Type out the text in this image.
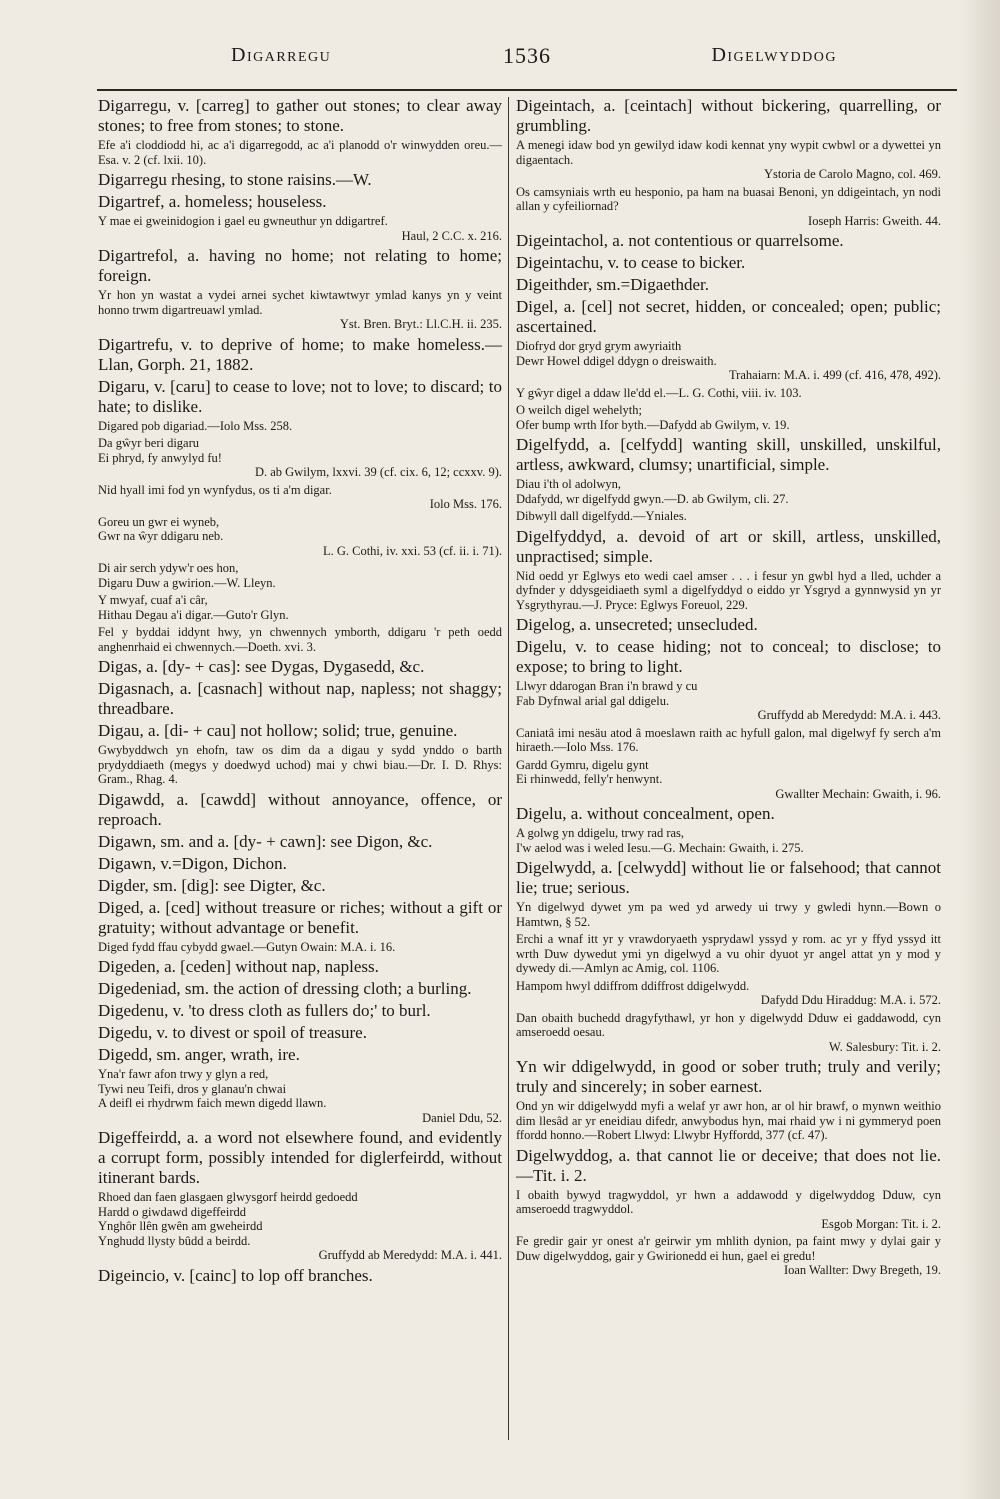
Digarregu	1536	Digelwyddog
Digarregu, v. [carreg] to gather out stones; to clear away stones; to free from stones; to stone.
Efe a'i cloddiodd hi, ac a'i digarregodd, ac a'i planodd o'r winwydden oreu.—Esa. v. 2 (cf. lxii. 10).
Digarregu rhesing, to stone raisins.—W.
Digartref, a. homeless; houseless.
Y mae ei gweinidogion i gael eu gwneuthur yn ddigartref.
Haul, 2 C.C. x. 216.
Digartrefol, a. having no home; not relating to home; foreign.
Yr hon yn wastat a vydei arnei sychet kiwtawtwyr ymlad kanys yn y veint honno trwm digartreuawl ymlad.
Yst. Bren. Bryt.: Ll.C.H. ii. 235.
Digartrefu, v. to deprive of home; to make homeless.—Llan, Gorph. 21, 1882.
Digaru, v. [caru] to cease to love; not to love; to discard; to hate; to dislike.
Digared pob digariad.—Iolo Mss. 258.
Da gŵyr beri digaru
Ei phryd, fy anwylyd fu!
D. ab Gwilym, lxxvi. 39 (cf. cix. 6, 12; ccxxv. 9).
Nid hyall imi fod yn wynfydus, os ti a'm digar.
Iolo Mss. 176.
Goreu un gwr ei wyneb,
Gwr na ŵyr ddigaru neb.
L. G. Cothi, iv. xxi. 53 (cf. ii. i. 71).
Di air serch ydyw'r oes hon,
Digaru Duw a gwirion.—W. Lleyn.
Y mwyaf, cuaf a'i câr,
Hithau Degau a'i digar.—Guto'r Glyn.
Fel y byddai iddynt hwy, yn chwennych ymborth, ddigaru 'r peth oedd anghenrhaid ei chwennych.—Doeth. xvi. 3.
Digas, a. [dy- + cas]: see Dygas, Dygasedd, &c.
Digasnach, a. [casnach] without nap, napless; not shaggy; threadbare.
Digau, a. [di- + cau] not hollow; solid; true, genuine.
Gwybyddwch yn ehofn, taw os dim da a digau y sydd ynddo o barth prydyddiaeth (megys y doedwyd uchod) mai y chwi biau.—Dr. I. D. Rhys: Gram., Rhag. 4.
Digawdd, a. [cawdd] without annoyance, offence, or reproach.
Digawn, sm. and a. [dy- + cawn]: see Digon, &c.
Digawn, v.=Digon, Dichon.
Digder, sm. [dig]: see Digter, &c.
Diged, a. [ced] without treasure or riches; without a gift or gratuity; without advantage or benefit.
Diged fydd ffau cybydd gwael.—Gutyn Owain: M.A. i. 16.
Digeden, a. [ceden] without nap, napless.
Digedeniad, sm. the action of dressing cloth; a burling.
Digedenu, v. 'to dress cloth as fullers do;' to burl.
Digedu, v. to divest or spoil of treasure.
Digedd, sm. anger, wrath, ire.
Yna'r fawr afon trwy y glyn a red,
Tywi neu Teifi, dros y glanau'n chwai
A deifl ei rhydrwm faich mewn digedd llawn.
Daniel Ddu, 52.
Digeffeirdd, a. a word not elsewhere found, and evidently a corrupt form, possibly intended for diglerfeirdd, without itinerant bards.
Rhoed dan faen glasgaen glwysgorf heirdd gedoedd
Hardd o giwdawd digeffeirdd
Ynghôr llên gwên am gweheirdd
Ynghudd llysty bûdd a beirdd.
Gruffydd ab Meredydd: M.A. i. 441.
Digeincio, v. [cainc] to lop off branches.
Digeintach, a. [ceintach] without bickering, quarrelling, or grumbling.
A menegi idaw bod yn gewilyd idaw kodi kennat yny wypit cwbwl or a dywettei yn digaentach.
Ystoria de Carolo Magno, col. 469.
Os camsyniais wrth eu hesponio, pa ham na buasai Benoni, yn ddigeintach, yn nodi allan y cyfeiliornad?
Ioseph Harris: Gweith. 44.
Digeintachol, a. not contentious or quarrelsome.
Digeintachu, v. to cease to bicker.
Digeithder, sm.=Digaethder.
Digel, a. [cel] not secret, hidden, or concealed; open; public; ascertained.
Diofryd dor gryd grym awyriaith
Dewr Howel ddigel ddygn o dreiswaith.
Trahaiarn: M.A. i. 499 (cf. 416, 478, 492).
Y gŵyr digel a ddaw lle'dd el.—L. G. Cothi, viii. iv. 103.
O weilch digel wehelyth;
Ofer bump wrth Ifor byth.—Dafydd ab Gwilym, v. 19.
Digelfydd, a. [celfydd] wanting skill, unskilled, unskilful, artless, awkward, clumsy; unartificial, simple.
Diau i'th ol adolwyn,
Ddafydd, wr digelfydd gwyn.—D. ab Gwilym, cli. 27.
Dibwyll dall digelfydd.—Yniales.
Digelfyddyd, a. devoid of art or skill, artless, unskilled, unpractised; simple.
Nid oedd yr Eglwys eto wedi cael amser . . . i fesur yn gwbl hyd a lled, uchder a dyfnder y ddysgeidiaeth syml a digelfyddyd o eiddo yr Ysgryd a gynnwysid yn yr Ysgrythyrau.—J. Pryce: Eglwys Foreuol, 229.
Digelog, a. unsecreted; unsecluded.
Digelu, v. to cease hiding; not to conceal; to disclose; to expose; to bring to light.
Llwyr ddarogan Bran i'n brawd y cu
Fab Dyfnwal arial gal ddigelu.
Gruffydd ab Meredydd: M.A. i. 443.
Caniatâ imi nesäu atod â moeslawn raith ac hyfull galon, mal digelwyf fy serch a'm hiraeth.—Iolo Mss. 176.
Gardd Gymru, digelu gynt
Ei rhinwedd, felly'r henwynt.
Gwallter Mechain: Gwaith, i. 96.
Digelu, a. without concealment, open.
A golwg yn ddigelu, trwy rad ras,
I'w aelod was i weled Iesu.—G. Mechain: Gwaith, i. 275.
Digelwydd, a. [celwydd] without lie or falsehood; that cannot lie; true; serious.
Yn digelwyd dywet ym pa wed yd arwedy ui trwy y gwledi hynn.—Bown o Hamtwn, § 52.
Erchi a wnaf itt yr y vrawdoryaeth ysprydawl yssyd y rom. ac yr y ffyd yssyd itt wrth Duw dywedut ymi yn digelwyd a vu ohir dyuot yr angel attat yn y mod y dywedy di.—Amlyn ac Amig, col. 1106.
Hampom hwyl ddiffrom ddiffrost ddigelwydd.
Dafydd Ddu Hiraddug: M.A. i. 572.
Dan obaith buchedd dragyfythawl, yr hon y digelwydd Dduw ei gaddawodd, cyn amseroedd oesau.
W. Salesbury: Tit. i. 2.
Yn wir ddigelwydd, in good or sober truth; truly and verily; truly and sincerely; in sober earnest.
Ond yn wir ddigelwydd myfi a welaf yr awr hon, ar ol hir brawf, o mynwn weithio dim llesâd ar yr eneidiau difedr, anwybodus hyn, mai rhaid yw i ni gymmeryd poen ffordd honno.—Robert Llwyd: Llwybr Hyffordd, 377 (cf. 47).
Digelwyddog, a. that cannot lie or deceive; that does not lie.—Tit. i. 2.
I obaith bywyd tragwyddol, yr hwn a addawodd y digelwyddog Dduw, cyn amseroedd tragwyddol.
Esgob Morgan: Tit. i. 2.
Fe gredir gair yr onest a'r geirwir ym mhlith dynion, pa faint mwy y dylai gair y Duw digelwyddog, gair y Gwirionedd ei hun, gael ei gredu!
Ioan Wallter: Dwy Bregeth, 19.
